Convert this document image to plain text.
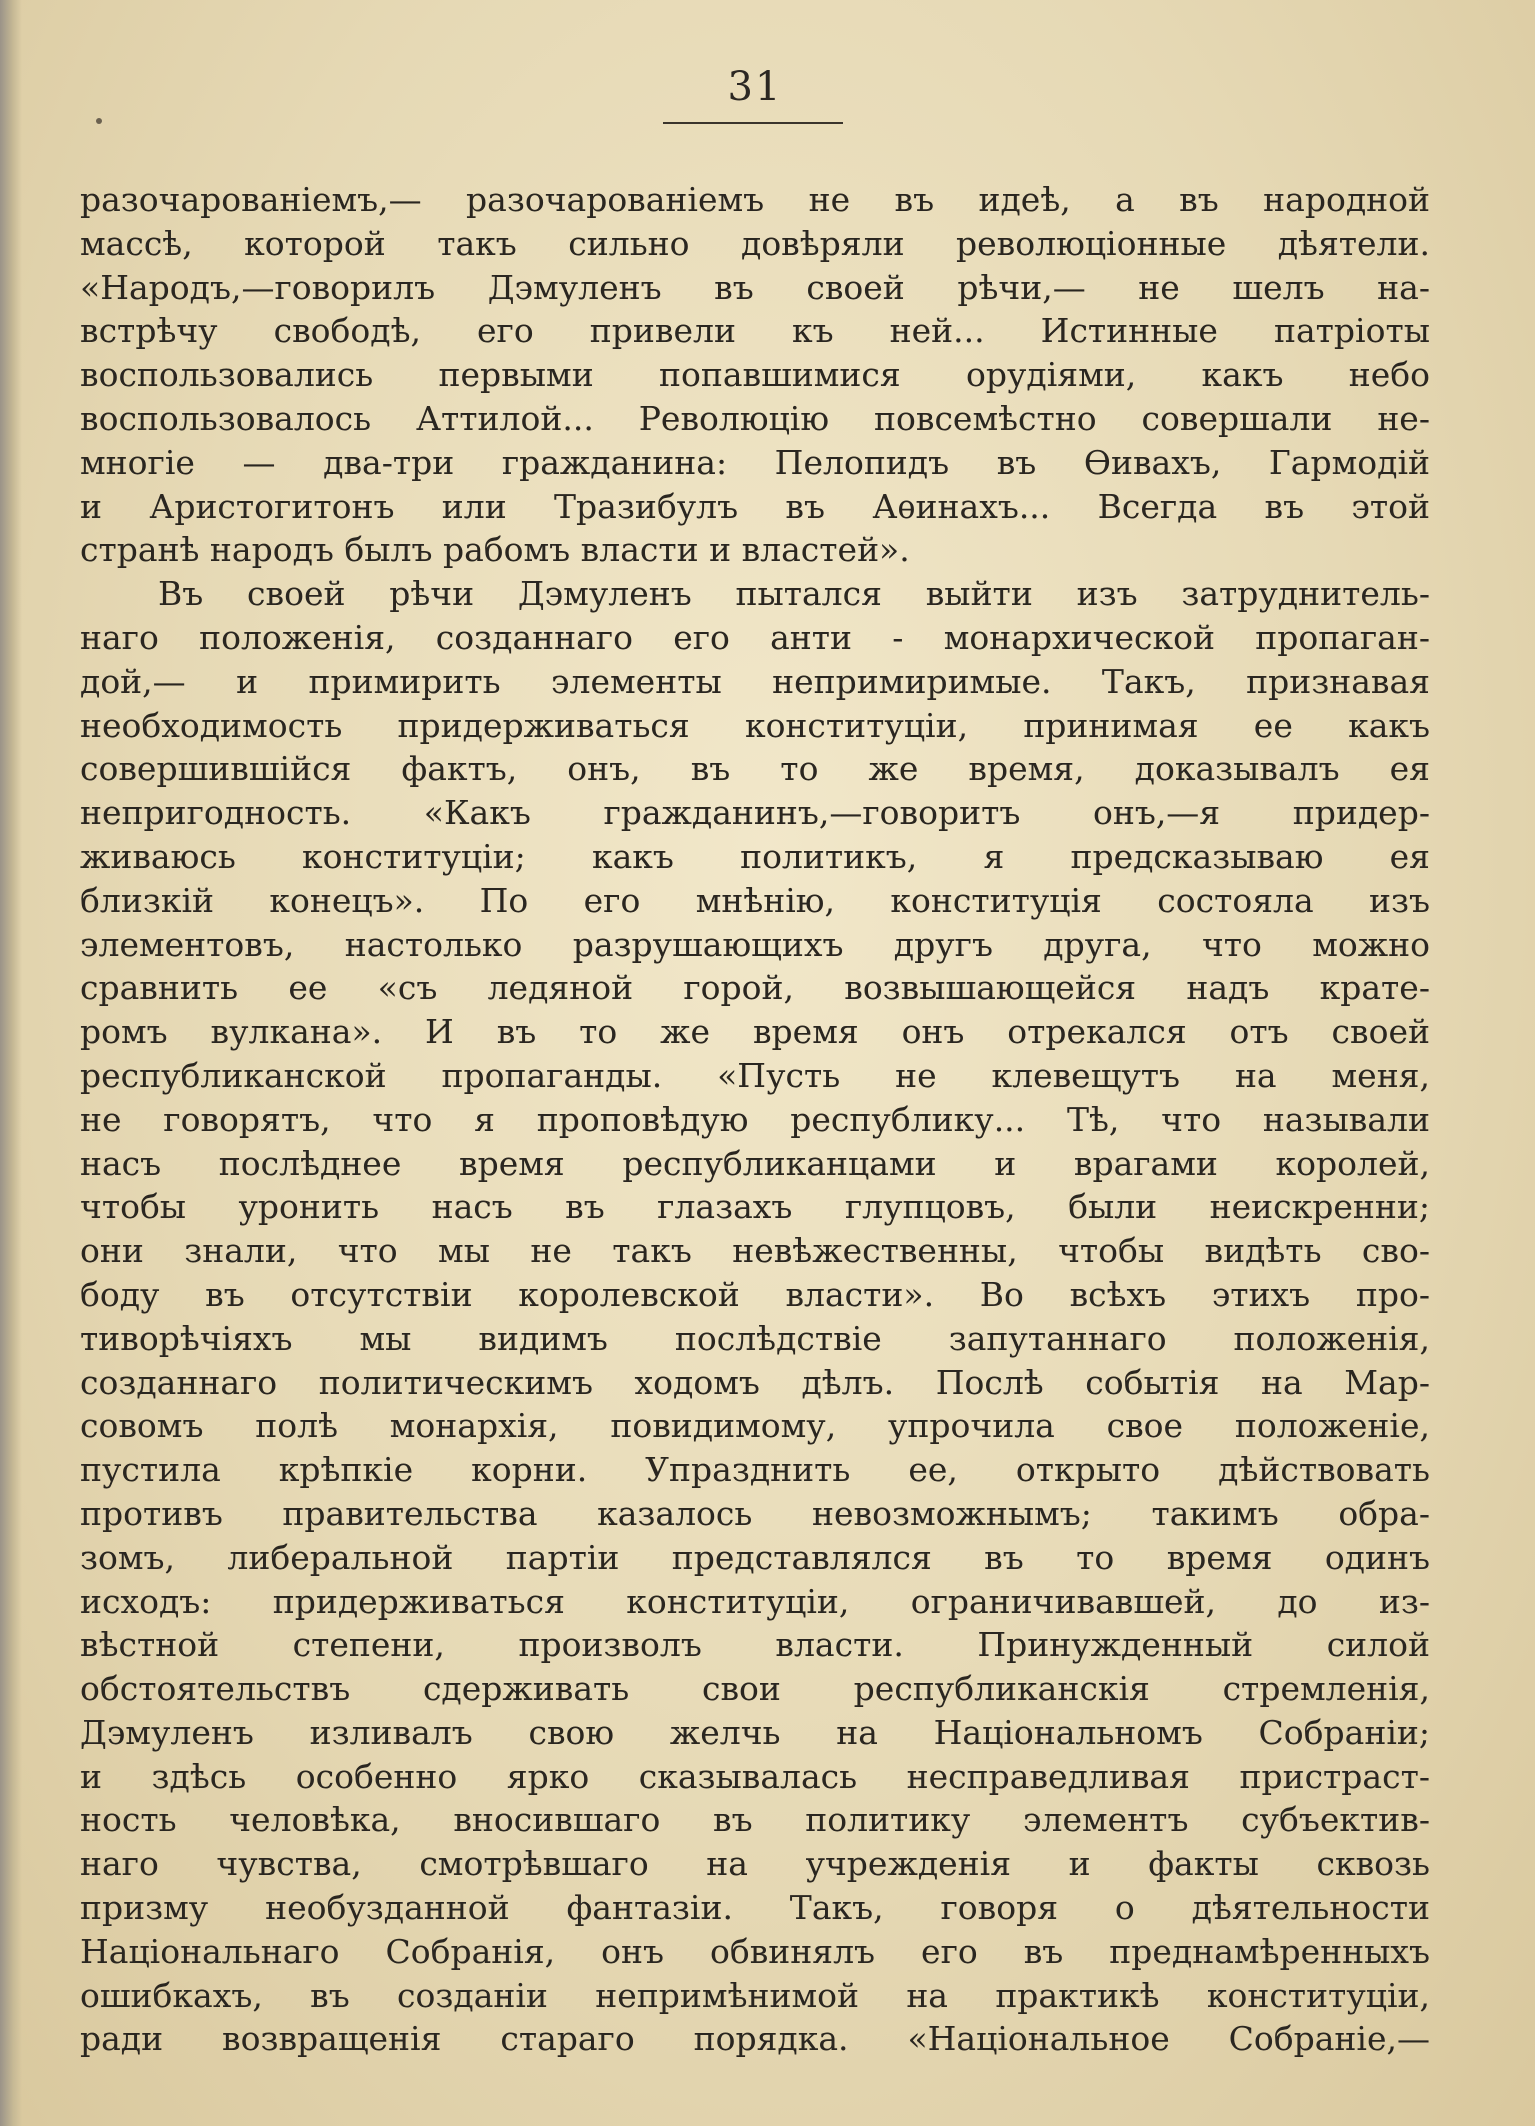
31
разочарованіемъ,— разочарованіемъ не въ идеѣ, а въ народной
массѣ, которой такъ сильно довѣряли революціонные дѣятели.
«Народъ,—говорилъ Дэмуленъ въ своей рѣчи,— не шелъ на-
встрѣчу свободѣ, его привели къ ней... Истинные патріоты
воспользовались первыми попавшимися орудіями, какъ небо
воспользовалось Аттилой... Революцію повсемѣстно совершали не-
многіе — два-три гражданина: Пелопидъ въ Ѳивахъ, Гармодій
и Аристогитонъ или Тразибулъ въ Аѳинахъ... Всегда въ этой
странѣ народъ былъ рабомъ власти и властей».
Въ своей рѣчи Дэмуленъ пытался выйти изъ затруднитель-
наго положенія, созданнаго его анти - монархической пропаган-
дой,— и примирить элементы непримиримые. Такъ, признавая
необходимость придерживаться конституціи, принимая ее какъ
совершившійся фактъ, онъ, въ то же время, доказывалъ ея
непригодность. «Какъ гражданинъ,—говоритъ онъ,—я придер-
живаюсь конституціи; какъ политикъ, я предсказываю ея
близкій конецъ». По его мнѣнію, конституція состояла изъ
элементовъ, настолько разрушающихъ другъ друга, что можно
сравнить ее «съ ледяной горой, возвышающейся надъ крате-
ромъ вулкана». И въ то же время онъ отрекался отъ своей
республиканской пропаганды. «Пусть не клевещутъ на меня,
не говорятъ, что я проповѣдую республику... Тѣ, что называли
насъ послѣднее время республиканцами и врагами королей,
чтобы уронить насъ въ глазахъ глупцовъ, были неискренни;
они знали, что мы не такъ невѣжественны, чтобы видѣть сво-
боду въ отсутствіи королевской власти». Во всѣхъ этихъ про-
тиворѣчіяхъ мы видимъ послѣдствіе запутаннаго положенія,
созданнаго политическимъ ходомъ дѣлъ. Послѣ событія на Мар-
совомъ полѣ монархія, повидимому, упрочила свое положеніе,
пустила крѣпкіе корни. Упразднить ее, открыто дѣйствовать
противъ правительства казалось невозможнымъ; такимъ обра-
зомъ, либеральной партіи представлялся въ то время одинъ
исходъ: придерживаться конституціи, ограничивавшей, до из-
вѣстной степени, произволъ власти. Принужденный силой
обстоятельствъ сдерживать свои республиканскія стремленія,
Дэмуленъ изливалъ свою желчь на Національномъ Собраніи;
и здѣсь особенно ярко сказывалась несправедливая пристраст-
ность человѣка, вносившаго въ политику элементъ субъектив-
наго чувства, смотрѣвшаго на учрежденія и факты сквозь
призму необузданной фантазіи. Такъ, говоря о дѣятельности
Національнаго Собранія, онъ обвинялъ его въ преднамѣренныхъ
ошибкахъ, въ созданіи непримѣнимой на практикѣ конституціи,
ради возвращенія стараго порядка. «Національное Собраніе,—
